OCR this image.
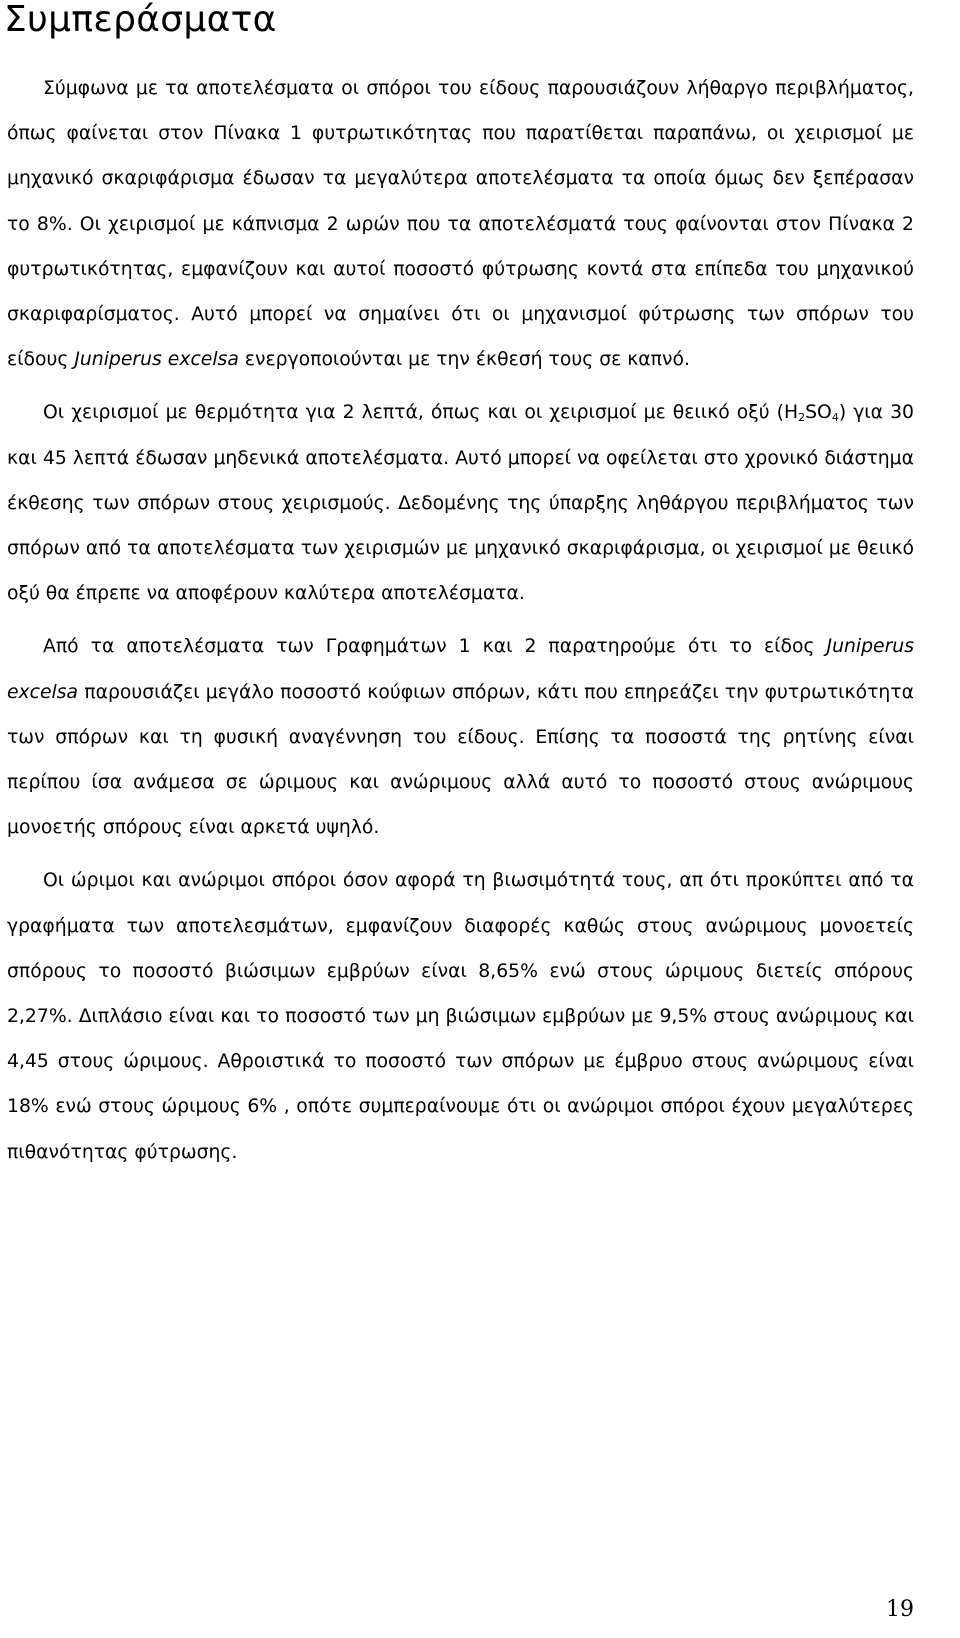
Συμπεράσματα

Σύμφωνα με τα αποτελέσματα οι σπόροι του είδους παρουσιάζουν λήθαργο περιβλήματος, όπως φαίνεται στον Πίνακα 1 φυτρωτικότητας που παρατίθεται παραπάνω, οι χειρισμοί με μηχανικό σκαριφάρισμα έδωσαν τα μεγαλύτερα αποτελέσματα τα οποία όμως δεν ξεπέρασαν το 8%. Οι χειρισμοί με κάπνισμα 2 ωρών που τα αποτελέσματά τους φαίνονται στον Πίνακα 2 φυτρωτικότητας, εμφανίζουν και αυτοί ποσοστό φύτρωσης κοντά στα επίπεδα του μηχανικού σκαριφαρίσματος. Αυτό μπορεί να σημαίνει ότι οι μηχανισμοί φύτρωσης των σπόρων του είδους Juniperus excelsa ενεργοποιούνται με την έκθεσή τους σε καπνό.

Οι χειρισμοί με θερμότητα για 2 λεπτά, όπως και οι χειρισμοί με θειικό οξύ $(H_2SO_4)$ για 30 και 45 λεπτά έδωσαν μηδενικά αποτελέσματα. Αυτό μπορεί να οφείλεται στο χρονικό διάστημα έκθεσης των σπόρων στους χειρισμούς. Δεδομένης της ύπαρξης ληθάργου περιβλήματος των σπόρων από τα αποτελέσματα των χειρισμών με μηχανικό σκαριφάρισμα, οι χειρισμοί με θειικό οξύ θα έπρεπε να αποφέρουν καλύτερα αποτελέσματα.

Από τα αποτελέσματα των Γραφημάτων 1 και 2 παρατηρούμε ότι το είδος Juniperus excelsa παρουσιάζει μεγάλο ποσοστό κούφιων σπόρων, κάτι που επηρεάζει την φυτρωτικότητα των σπόρων και τη φυσική αναγέννηση του είδους. Επίσης τα ποσοστά της ρητίνης είναι περίπου ίσα ανάμεσα σε ώριμους και ανώριμους αλλά αυτό το ποσοστό στους ανώριμους μονοετής σπόρους είναι αρκετά υψηλό.

Οι ώριμοι και ανώριμοι σπόροι όσον αφορά τη βιωσιμότητά τους, απ ότι προκύπτει από τα γραφήματα των αποτελεσμάτων, εμφανίζουν διαφορές καθώς στους ανώριμους μονοετείς σπόρους το ποσοστό βιώσιμων εμβρύων είναι 8,65% ενώ στους ώριμους διετείς σπόρους 2,27%. Διπλάσιο είναι και το ποσοστό των μη βιώσιμων εμβρύων με 9,5% στους ανώριμους και 4,45 στους ώριμους. Αθροιστικά το ποσοστό των σπόρων με έμβρυο στους ανώριμους είναι 18% ενώ στους ώριμους 6% , οπότε συμπεραίνουμε ότι οι ανώριμοι σπόροι έχουν μεγαλύτερες πιθανότητας φύτρωσης.

19
